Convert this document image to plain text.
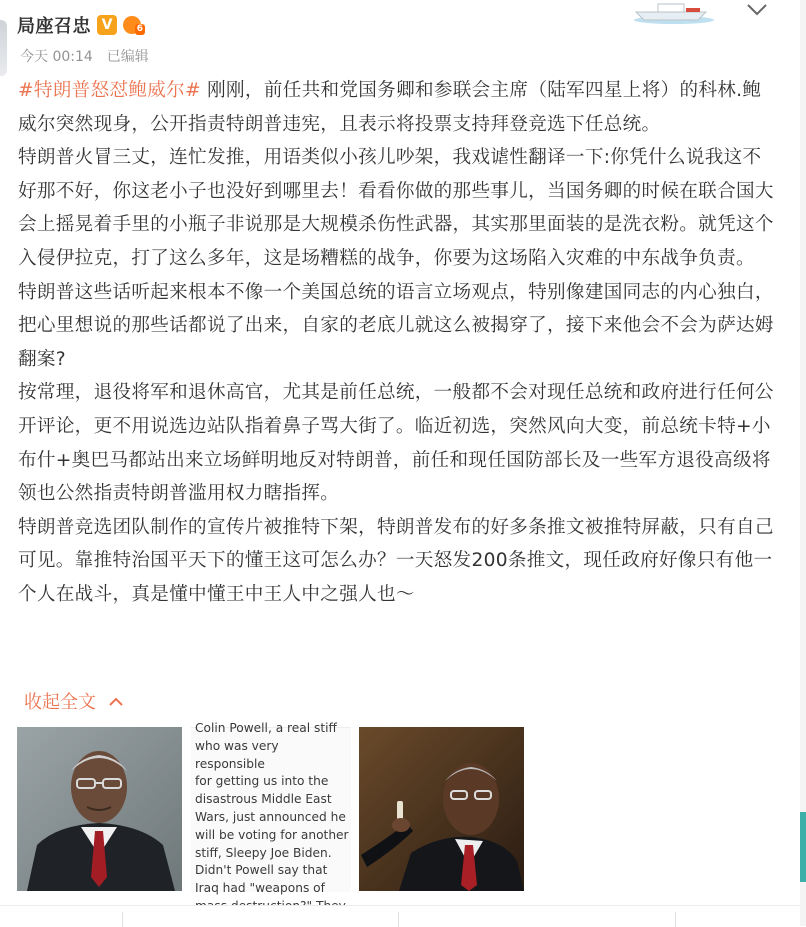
局座召忠 V	6
今天 00:14 已编辑

#特朗普怒怼鲍威尔# 刚刚，前任共和党国务卿和参联会主席（陆军四星上将）的科林.鲍威尔突然现身，公开指责特朗普违宪，且表示将投票支持拜登竞选下任总统。

特朗普火冒三丈，连忙发推，用语类似小孩儿吵架，我戏谑性翻译一下:你凭什么说我这不好那不好，你这老小子也没好到哪里去！看看你做的那些事儿，当国务卿的时候在联合国大会上摇晃着手里的小瓶子非说那是大规模杀伤性武器，其实那里面装的是洗衣粉。就凭这个入侵伊拉克，打了这么多年，这是场糟糕的战争，你要为这场陷入灾难的中东战争负责。

特朗普这些话听起来根本不像一个美国总统的语言立场观点，特别像建国同志的内心独白，把心里想说的那些话都说了出来，自家的老底儿就这么被揭穿了，接下来他会不会为萨达姆翻案?

按常理，退役将军和退休高官，尤其是前任总统，一般都不会对现任总统和政府进行任何公开评论，更不用说选边站队指着鼻子骂大街了。临近初选，突然风向大变，前总统卡特+小布什+奥巴马都站出来立场鲜明地反对特朗普，前任和现任国防部长及一些军方退役高级将领也公然指责特朗普滥用权力瞎指挥。

特朗普竞选团队制作的宣传片被推特下架，特朗普发布的好多条推文被推特屏蔽，只有自己可见。靠推特治国平天下的懂王这可怎么办？一天怒发200条推文，现任政府好像只有他一个人在战斗，真是懂中懂王中王人中之强人也～

收起全文
Colin Powell, a real stiff
who was very responsible
for getting us into the
disastrous Middle East
Wars, just announced he
will be voting for another
stiff, Sleepy Joe Biden.
Didn't Powell say that
Iraq had "weapons of
